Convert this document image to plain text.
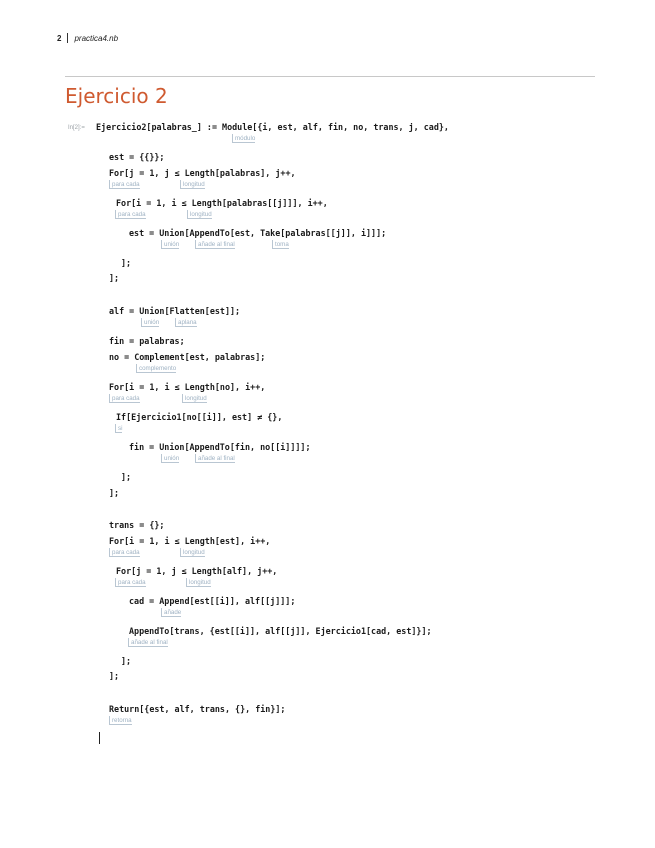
2 practica4.nb
Ejercicio 2
In[2]:= Ejercicio2[palabras_] := Module[{i, est, alf, fin, no, trans, j, cad},
módulo
est = {{}};
For[j = 1, j ≤ Length[palabras], j++,
para cada	longitud
For[i = 1, i ≤ Length[palabras[[j]]], i++,
para cada	longitud
est = Union[AppendTo[est, Take[palabras[[j]], i]]];
unión	añade al final	toma
];
];
alf = Union[Flatten[est]];
unión	aplana
fin = palabras;
no = Complement[est, palabras];
complemento
For[i = 1, i ≤ Length[no], i++,
para cada	longitud
If[Ejercicio1[no[[i]], est] ≠ {},
si
fin = Union[AppendTo[fin, no[[i]]]];
unión	añade al final
];
];
trans = {};
For[i = 1, i ≤ Length[est], i++,
para cada	longitud
For[j = 1, j ≤ Length[alf], j++,
para cada	longitud
cad = Append[est[[i]], alf[[j]]];
añade
AppendTo[trans, {est[[i]], alf[[j]], Ejercicio1[cad, est]}];
añade al final
];
];
Return[{est, alf, trans, {}, fin}];
retorna
